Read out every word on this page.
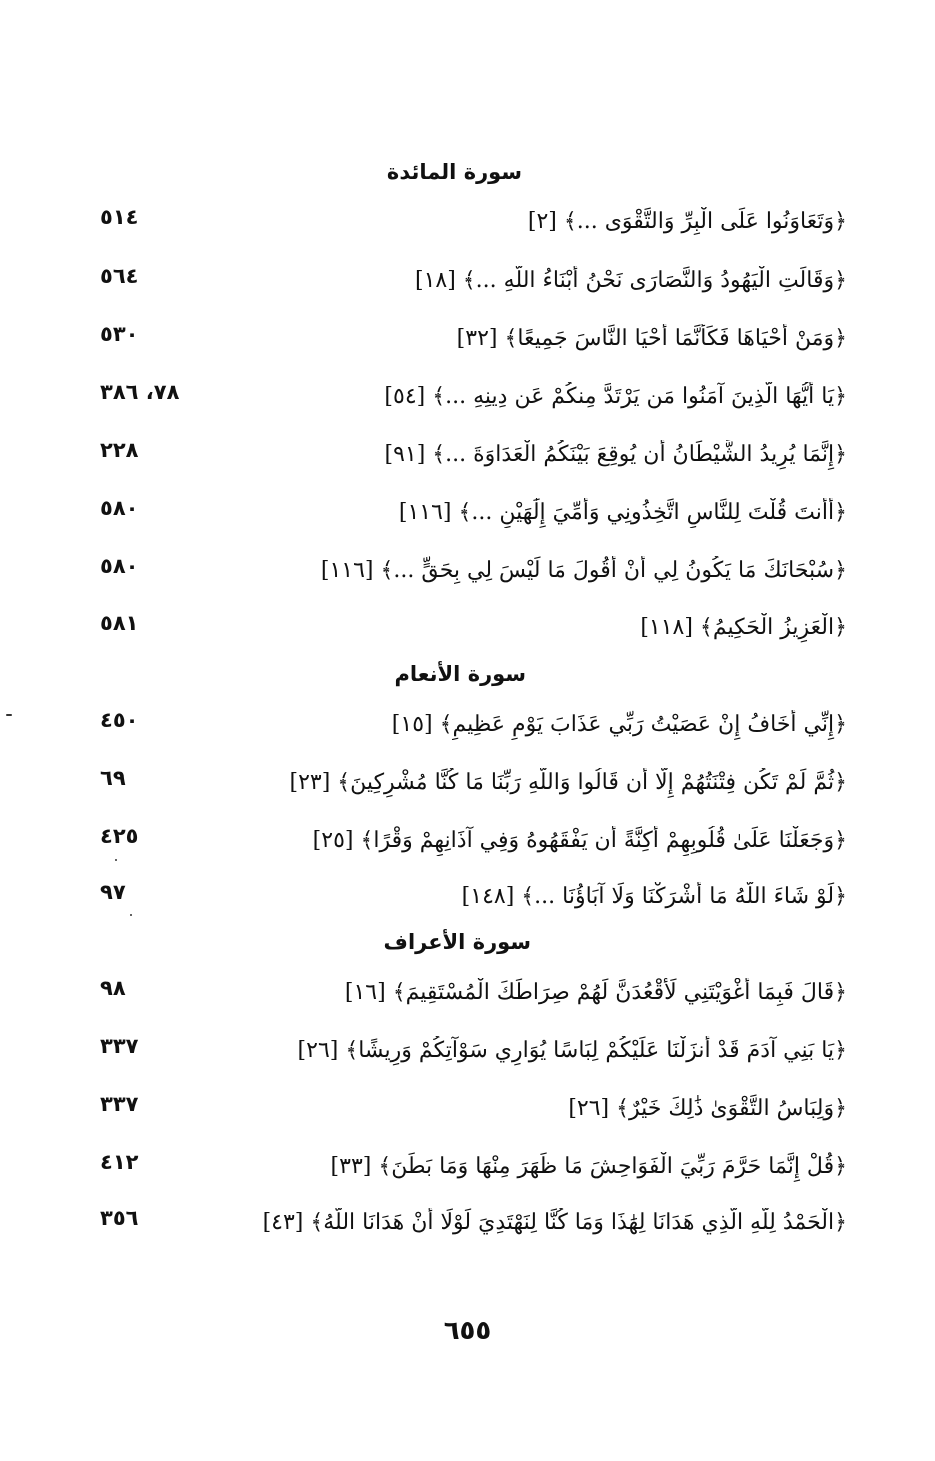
سورة المائدة
﴿وَتَعَاوَنُوا عَلَى الْبِرِّ وَالتَّقْوَى ...﴾ [٢]
٥١٤
﴿وَقَالَتِ الْيَهُودُ وَالنَّصَارَى نَحْنُ أَبْنَاءُ اللَّهِ ...﴾ [١٨]
٥٦٤
﴿وَمَنْ أَحْيَاهَا فَكَأَنَّمَا أَحْيَا النَّاسَ جَمِيعًا﴾ [٣٢]
٥٣٠
﴿يَا أَيُّهَا الَّذِينَ آمَنُوا مَن يَرْتَدَّ مِنكُمْ عَن دِينِهِ ...﴾ [٥٤]
٧٨، ٣٨٦
﴿إِنَّمَا يُرِيدُ الشَّيْطَانُ أَن يُوقِعَ بَيْنَكُمُ الْعَدَاوَةَ ...﴾ [٩١]
٢٢٨
﴿أَأَنتَ قُلْتَ لِلنَّاسِ اتَّخِذُونِي وَأُمِّيَ إِلَٰهَيْنِ ...﴾ [١١٦]
٥٨٠
﴿سُبْحَانَكَ مَا يَكُونُ لِي أَنْ أَقُولَ مَا لَيْسَ لِي بِحَقٍّ ...﴾ [١١٦]
٥٨٠
﴿الْعَزِيزُ الْحَكِيمُ﴾ [١١٨]
٥٨١
سورة الأنعام
﴿إِنِّي أَخَافُ إِنْ عَصَيْتُ رَبِّي عَذَابَ يَوْمٍ عَظِيمٍ﴾ [١٥]
٤٥٠
﴿ثُمَّ لَمْ تَكُن فِتْنَتُهُمْ إِلَّا أَن قَالُوا وَاللَّهِ رَبِّنَا مَا كُنَّا مُشْرِكِينَ﴾ [٢٣]
٦٩
﴿وَجَعَلْنَا عَلَىٰ قُلُوبِهِمْ أَكِنَّةً أَن يَفْقَهُوهُ وَفِي آذَانِهِمْ وَقْرًا﴾ [٢٥]
٤٢٥
﴿لَوْ شَاءَ اللَّهُ مَا أَشْرَكْنَا وَلَا آبَاؤُنَا ...﴾ [١٤٨]
٩٧
سورة الأعراف
﴿قَالَ فَبِمَا أَغْوَيْتَنِي لَأَقْعُدَنَّ لَهُمْ صِرَاطَكَ الْمُسْتَقِيمَ﴾ [١٦]
٩٨
﴿يَا بَنِي آدَمَ قَدْ أَنزَلْنَا عَلَيْكُمْ لِبَاسًا يُوَارِي سَوْآتِكُمْ وَرِيشًا﴾ [٢٦]
٣٣٧
﴿وَلِبَاسُ التَّقْوَىٰ ذَٰلِكَ خَيْرٌ﴾ [٢٦]
٣٣٧
﴿قُلْ إِنَّمَا حَرَّمَ رَبِّيَ الْفَوَاحِشَ مَا ظَهَرَ مِنْهَا وَمَا بَطَنَ﴾ [٣٣]
٤١٢
﴿الْحَمْدُ لِلَّهِ الَّذِي هَدَانَا لِهَٰذَا وَمَا كُنَّا لِنَهْتَدِيَ لَوْلَا أَنْ هَدَانَا اللَّهُ﴾ [٤٣]
٣٥٦
٦٥٥
